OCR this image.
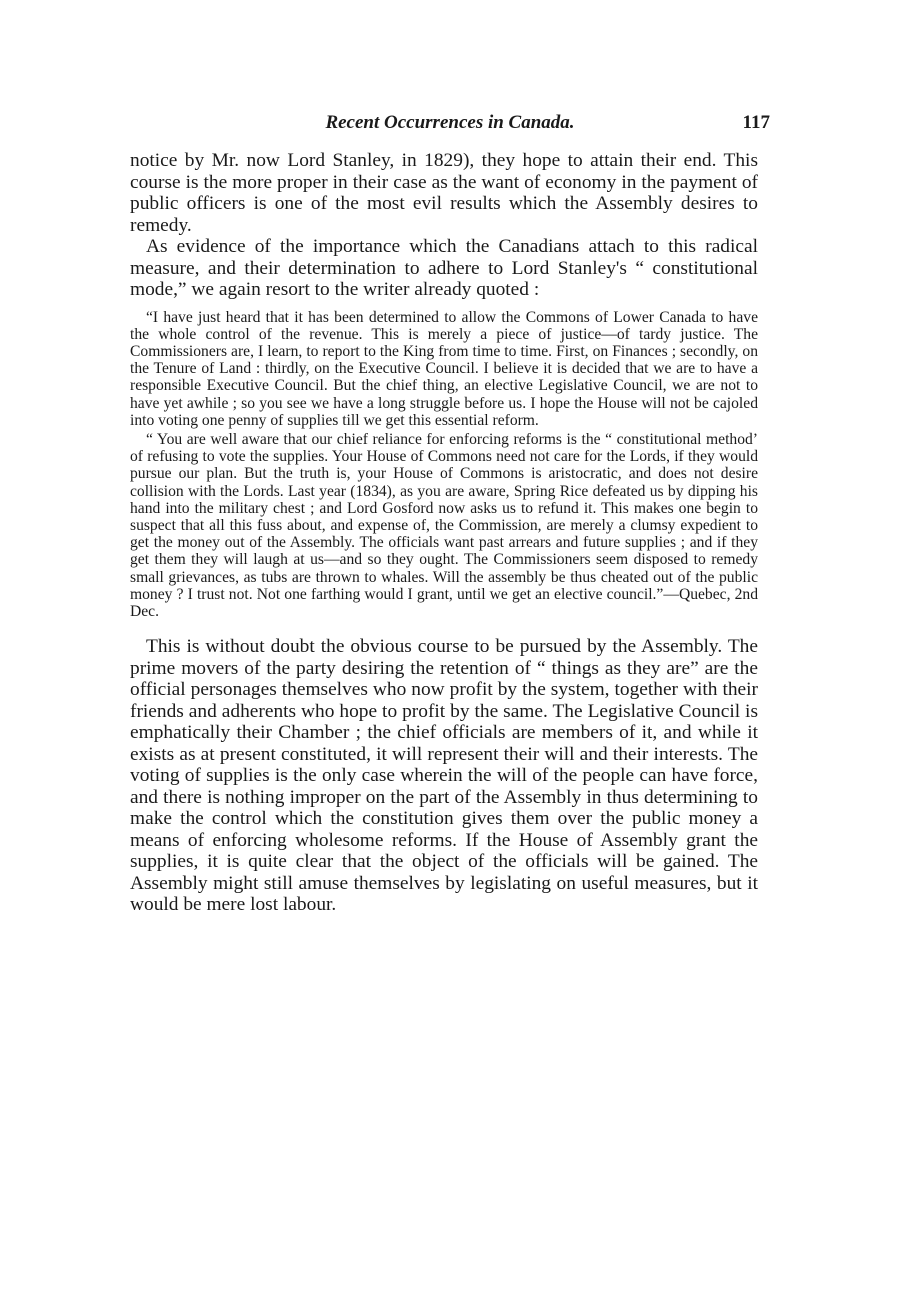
Recent Occurrences in Canada.	117

notice by Mr. now Lord Stanley, in 1829), they hope to attain their end. This course is the more proper in their case as the want of economy in the payment of public officers is one of the most evil results which the Assembly desires to remedy.

As evidence of the importance which the Canadians attach to this radical measure, and their determination to adhere to Lord Stanley's “ constitutional mode,” we again resort to the writer already quoted :

“I have just heard that it has been determined to allow the Commons of Lower Canada to have the whole control of the revenue. This is merely a piece of justice—of tardy justice. The Commissioners are, I learn, to report to the King from time to time. First, on Finances ; secondly, on the Tenure of Land : thirdly, on the Executive Council. I believe it is decided that we are to have a responsible Executive Council. But the chief thing, an elective Legislative Council, we are not to have yet awhile ; so you see we have a long struggle before us. I hope the House will not be cajoled into voting one penny of supplies till we get this essential reform.

“ You are well aware that our chief reliance for enforcing reforms is the “ constitutional method’ of refusing to vote the supplies. Your House of Commons need not care for the Lords, if they would pursue our plan. But the truth is, your House of Commons is aristocratic, and does not desire collision with the Lords. Last year (1834), as you are aware, Spring Rice defeated us by dipping his hand into the military chest ; and Lord Gosford now asks us to refund it. This makes one begin to suspect that all this fuss about, and expense of, the Commission, are merely a clumsy expedient to get the money out of the Assembly. The officials want past arrears and future supplies ; and if they get them they will laugh at us—and so they ought. The Commissioners seem disposed to remedy small grievances, as tubs are thrown to whales. Will the assembly be thus cheated out of the public money ? I trust not. Not one farthing would I grant, until we get an elective council.”—Quebec, 2nd Dec.

This is without doubt the obvious course to be pursued by the Assembly. The prime movers of the party desiring the retention of “ things as they are” are the official personages themselves who now profit by the system, together with their friends and adherents who hope to profit by the same. The Legislative Council is emphatically their Chamber ; the chief officials are members of it, and while it exists as at present constituted, it will represent their will and their interests. The voting of supplies is the only case wherein the will of the people can have force, and there is nothing improper on the part of the Assembly in thus determining to make the control which the constitution gives them over the public money a means of enforcing wholesome reforms. If the House of Assembly grant the supplies, it is quite clear that the object of the officials will be gained. The Assembly might still amuse themselves by legislating on useful measures, but it would be mere lost labour.
